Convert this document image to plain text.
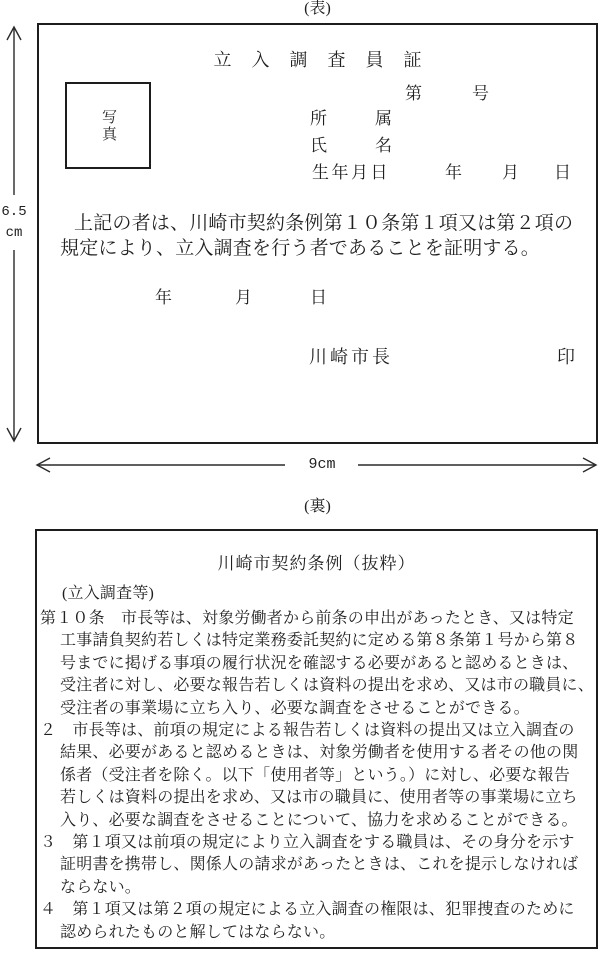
(表)
立入調査員証
第	号
写真	所	属
氏	名
生年月日	年 月 日
上記の者は、川崎市契約条例第１０条第１項又は第２項の
規定により、立入調査を行う者であることを証明する。
年	月	日
川崎市長	印
6.5
cm
9cm
(裏)
川崎市契約条例（抜粋）
(立入調査等)
第１０条　市長等は、対象労働者から前条の申出があったとき、又は特定
工事請負契約若しくは特定業務委託契約に定める第８条第１号から第８
号までに掲げる事項の履行状況を確認する必要があると認めるときは、
受注者に対し、必要な報告若しくは資料の提出を求め、又は市の職員に、
受注者の事業場に立ち入り、必要な調査をさせることができる。
２　市長等は、前項の規定による報告若しくは資料の提出又は立入調査の
結果、必要があると認めるときは、対象労働者を使用する者その他の関
係者（受注者を除く。以下「使用者等」という。）に対し、必要な報告
若しくは資料の提出を求め、又は市の職員に、使用者等の事業場に立ち
入り、必要な調査をさせることについて、協力を求めることができる。
３　第１項又は前項の規定により立入調査をする職員は、その身分を示す
証明書を携帯し、関係人の請求があったときは、これを提示しなければ
ならない。
４　第１項又は第２項の規定による立入調査の権限は、犯罪捜査のために
認められたものと解してはならない。
